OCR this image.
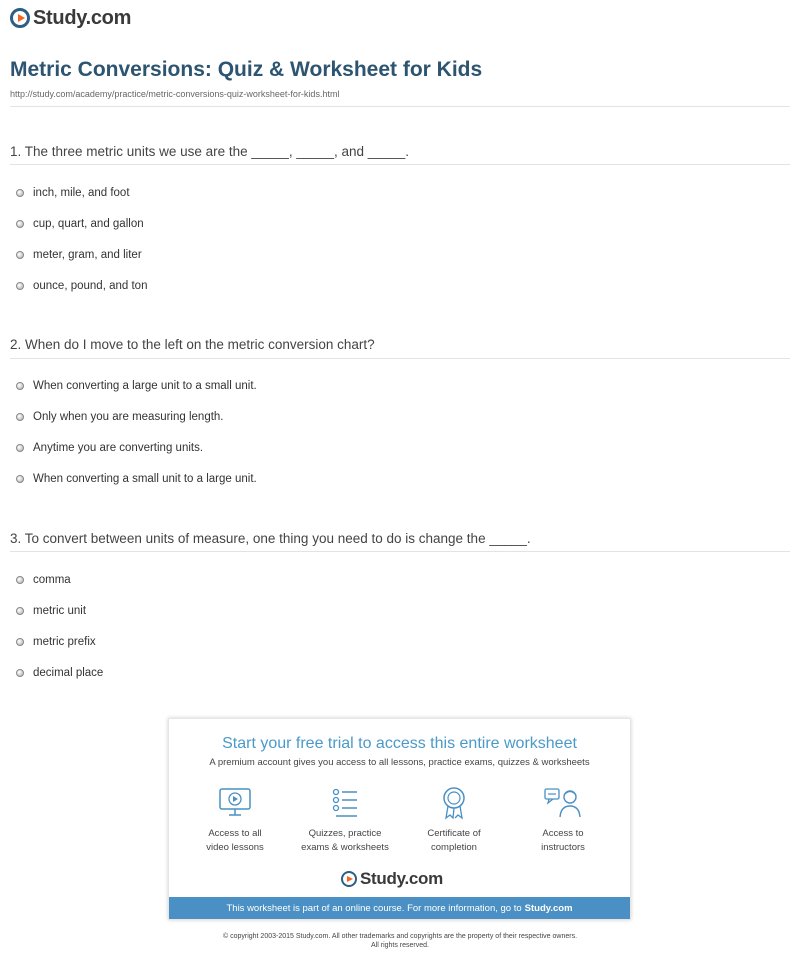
Study.com
Metric Conversions: Quiz & Worksheet for Kids
http://study.com/academy/practice/metric-conversions-quiz-worksheet-for-kids.html
1. The three metric units we use are the _____, _____, and _____.
inch, mile, and foot
cup, quart, and gallon
meter, gram, and liter
ounce, pound, and ton
2. When do I move to the left on the metric conversion chart?
When converting a large unit to a small unit.
Only when you are measuring length.
Anytime you are converting units.
When converting a small unit to a large unit.
3. To convert between units of measure, one thing you need to do is change the _____.
comma
metric unit
metric prefix
decimal place
Start your free trial to access this entire worksheet
A premium account gives you access to all lessons, practice exams, quizzes & worksheets
Access to all
video lessons
Quizzes, practice
exams & worksheets
Certificate of
completion
Access to
instructors
Study.com
This worksheet is part of an online course. For more information, go to Study.com
© copyright 2003-2015 Study.com. All other trademarks and copyrights are the property of their respective owners.
All rights reserved.
